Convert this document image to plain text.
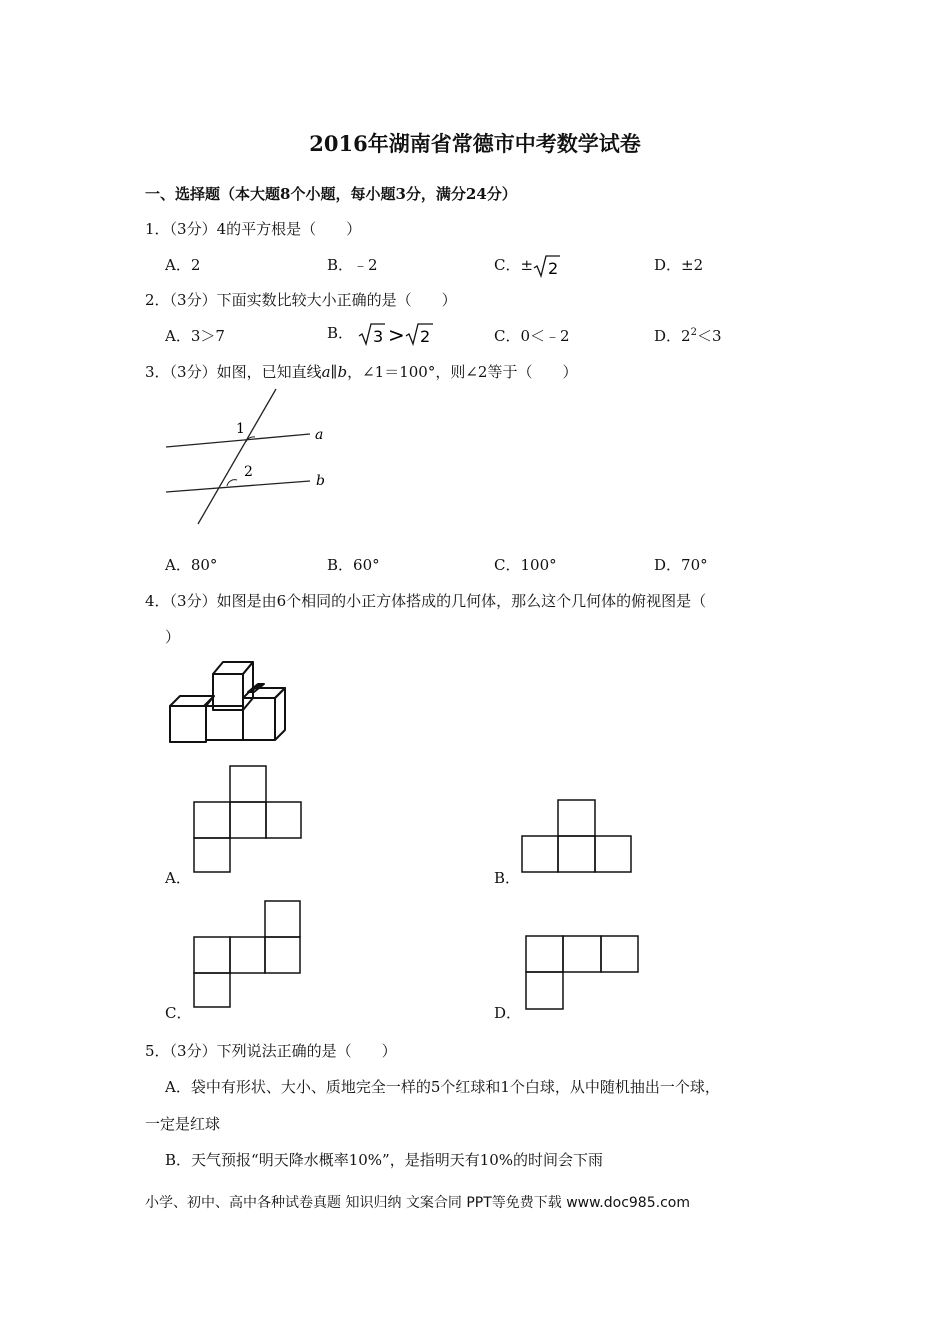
2016年湖南省常德市中考数学试卷
一、选择题（本大题8个小题，每小题3分，满分24分）
1．（3分）4的平方根是（　　）
A．2	B．﹣2	C．± 2	D．±2
2．（3分）下面实数比较大小正确的是（　　）
A．3＞7	B． 3 > 2	C．0＜﹣2	D．$2^2<3$
3．（3分）如图，已知直线a∥b，∠1＝100°，则∠2等于（　　）
1
2
a
b
A．80°	B．60°	C．100°	D．70°
4．（3分）如图是由6个相同的小正方体搭成的几何体，那么这个几何体的俯视图是（
）
A．	B．
C．	D．
5．（3分）下列说法正确的是（　　）
A．袋中有形状、大小、质地完全一样的5个红球和1个白球，从中随机抽出一个球，
一定是红球
B．天气预报“明天降水概率10%”，是指明天有10%的时间会下雨
小学、初中、高中各种试卷真题 知识归纳 文案合同 PPT等免费下载 www.doc985.com
